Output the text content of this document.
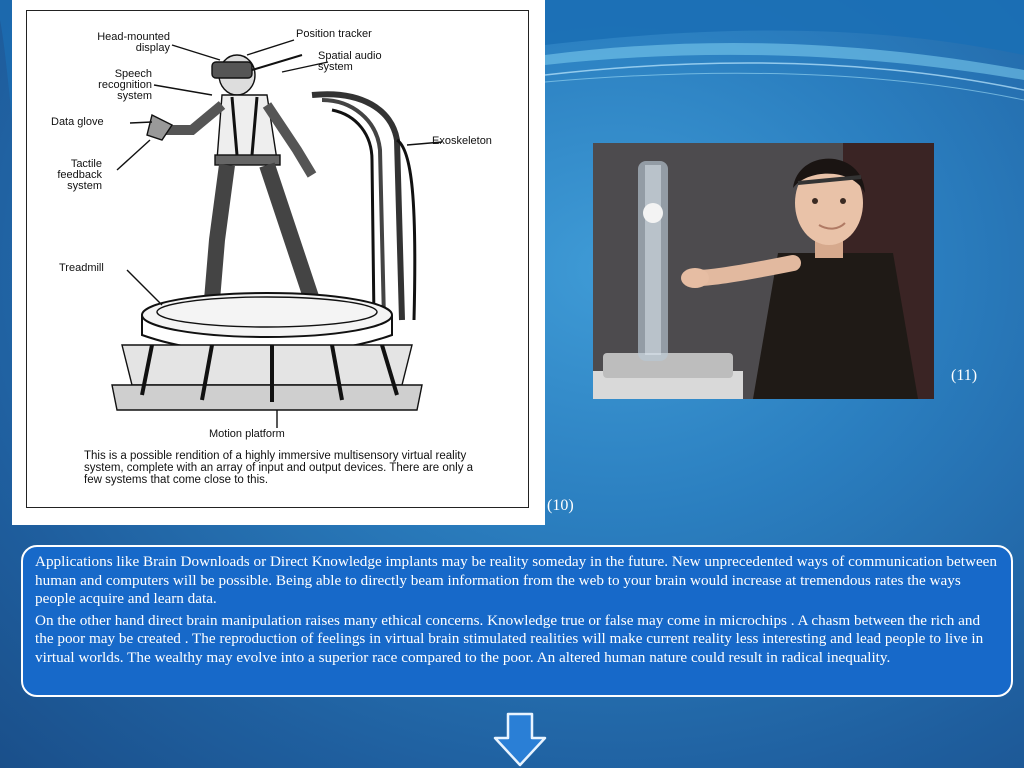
Head-mounted
display
Position tracker
Spatial audio
system
Speech
recognition
system
Data glove
Tactile
feedback
system
Exoskeleton
Treadmill
Motion platform
This is a possible rendition of a highly immersive multisensory virtual reality system, complete with an array of input and output devices. There are only a few systems that come close to this.
(10)
(11)

Applications like Brain Downloads or Direct Knowledge implants may be reality someday in the future. New unprecedented ways of communication between human and computers will be possible. Being able to directly beam information from the web to your brain would increase at tremendous rates the ways people acquire and learn data.

On the other hand direct brain manipulation raises many ethical concerns. Knowledge true or false may come in microchips . A chasm between the rich and the poor may be created . The reproduction of feelings in virtual brain stimulated realities will make current reality less interesting and lead people to live in virtual worlds. The wealthy may evolve into a superior race compared to the poor. An altered human nature could result in radical inequality.
